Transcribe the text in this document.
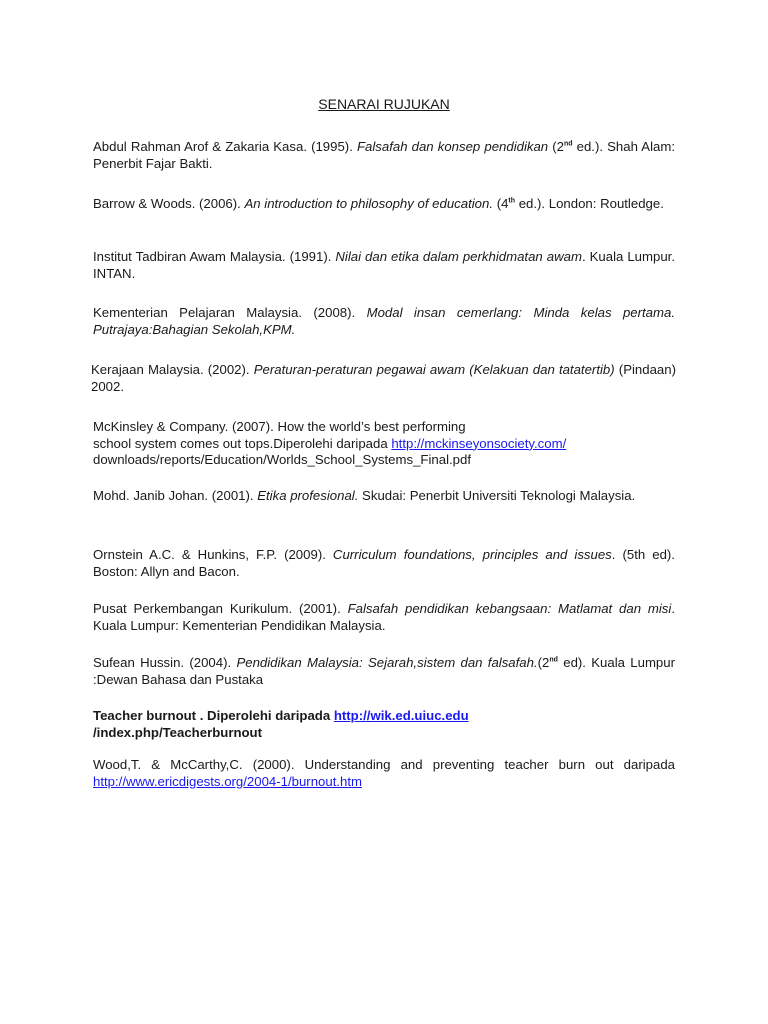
SENARAI RUJUKAN
Abdul Rahman Arof & Zakaria Kasa. (1995). Falsafah dan konsep pendidikan (2nd ed.). Shah Alam: Penerbit Fajar Bakti.
Barrow & Woods. (2006). An introduction to philosophy of education. (4th ed.). London: Routledge.
Institut Tadbiran Awam Malaysia. (1991). Nilai dan etika dalam perkhidmatan awam. Kuala Lumpur. INTAN.
Kementerian Pelajaran Malaysia. (2008). Modal insan cemerlang: Minda kelas pertama. Putrajaya:Bahagian Sekolah,KPM.
Kerajaan Malaysia. (2002). Peraturan-peraturan pegawai awam (Kelakuan dan tatatertib) (Pindaan) 2002.
McKinsley & Company. (2007). How the world’s best performing
school system comes out tops.Diperolehi daripada http://mckinseyonsociety.com/
downloads/reports/Education/Worlds_School_Systems_Final.pdf
Mohd. Janib Johan. (2001). Etika profesional. Skudai: Penerbit Universiti Teknologi Malaysia.
Ornstein A.C. & Hunkins, F.P. (2009). Curriculum foundations, principles and issues. (5th ed). Boston: Allyn and Bacon.
Pusat Perkembangan Kurikulum. (2001). Falsafah pendidikan kebangsaan: Matlamat dan misi. Kuala Lumpur: Kementerian Pendidikan Malaysia.
Sufean Hussin. (2004). Pendidikan Malaysia: Sejarah,sistem dan falsafah.(2nd ed). Kuala Lumpur :Dewan Bahasa dan Pustaka
Teacher burnout . Diperolehi daripada http://wik.ed.uiuc.edu
/index.php/Teacherburnout
Wood,T. & McCarthy,C. (2000). Understanding and preventing teacher burn out daripada
http://www.ericdigests.org/2004-1/burnout.htm
